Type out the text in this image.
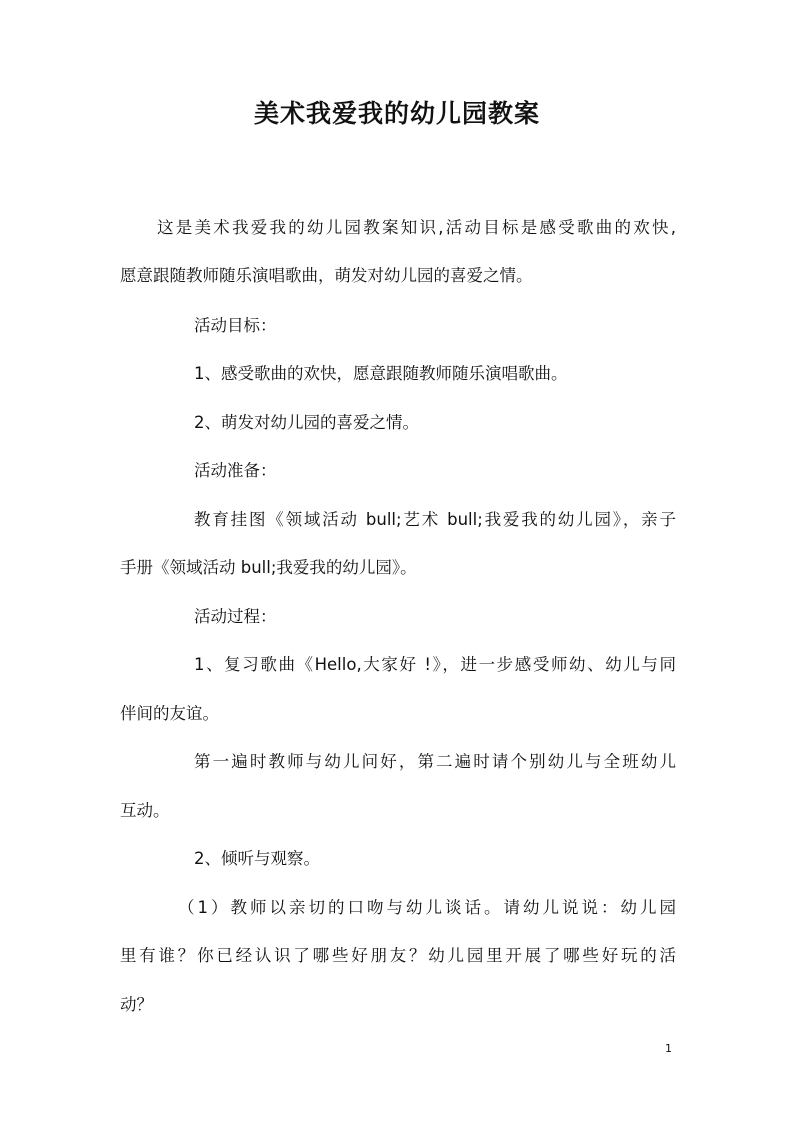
美术我爱我的幼儿园教案
这是美术我爱我的幼儿园教案知识,活动目标是感受歌曲的欢快,
愿意跟随教师随乐演唱歌曲，萌发对幼儿园的喜爱之情。
活动目标：
1、感受歌曲的欢快，愿意跟随教师随乐演唱歌曲。
2、萌发对幼儿园的喜爱之情。
活动准备：
教育挂图《领域活动 bull;艺术 bull;我爱我的幼儿园》，亲子
手册《领域活动 bull;我爱我的幼儿园》。
活动过程：
1、复习歌曲《Hello,大家好 !》，进一步感受师幼、幼儿与同
伴间的友谊。
第一遍时教师与幼儿问好，第二遍时请个别幼儿与全班幼儿
互动。
2、倾听与观察。
（1）教师以亲切的口吻与幼儿谈话。请幼儿说说：幼儿园
里有谁？你已经认识了哪些好朋友？幼儿园里开展了哪些好玩的活
动？
1
